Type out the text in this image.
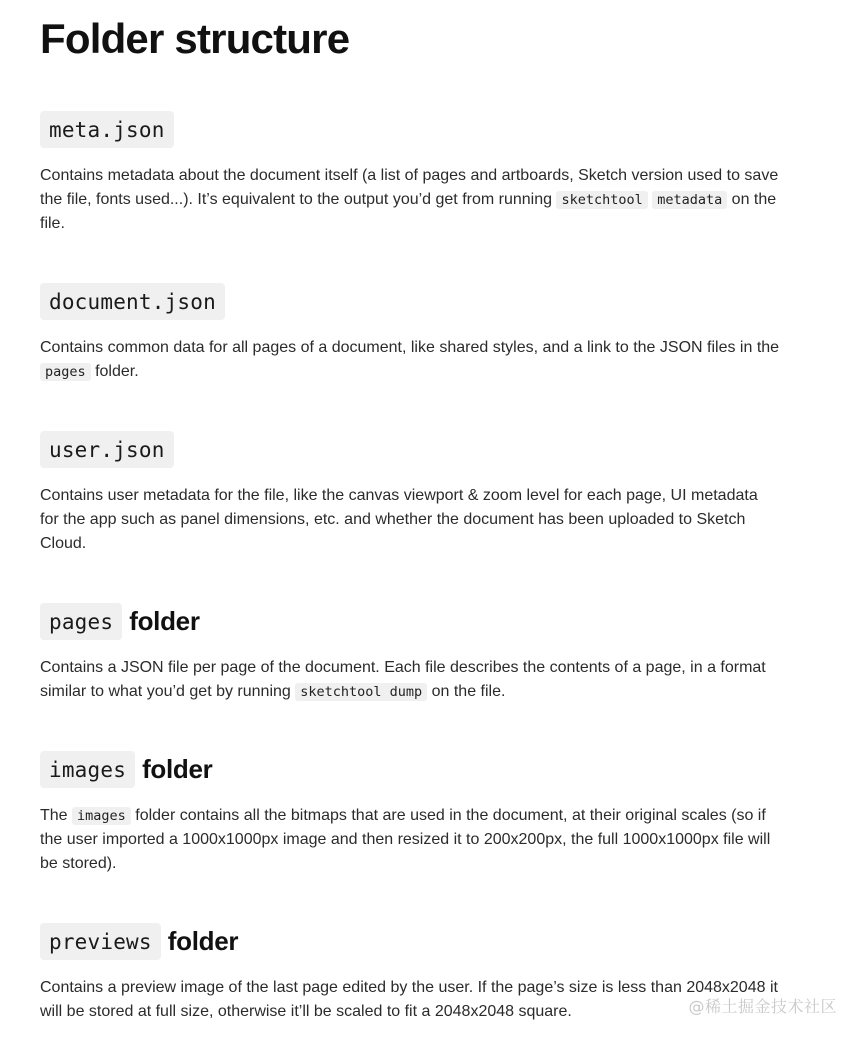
Folder structure
meta.json

Contains metadata about the document itself (a list of pages and artboards, Sketch version used to save the file, fonts used...). It’s equivalent to the output you’d get from running sketchtool metadata on the file.

document.json

Contains common data for all pages of a document, like shared styles, and a link to the JSON files in the pages folder.

user.json

Contains user metadata for the file, like the canvas viewport & zoom level for each page, UI metadata for the app such as panel dimensions, etc. and whether the document has been uploaded to Sketch Cloud.

pages folder

Contains a JSON file per page of the document. Each file describes the contents of a page, in a format similar to what you’d get by running sketchtool dump on the file.

images folder

The images folder contains all the bitmaps that are used in the document, at their original scales (so if the user imported a 1000x1000px image and then resized it to 200x200px, the full 1000x1000px file will be stored).

previews folder

Contains a preview image of the last page edited by the user. If the page’s size is less than 2048x2048 it will be stored at full size, otherwise it’ll be scaled to fit a 2048x2048 square.	@稀土掘金技术社区
